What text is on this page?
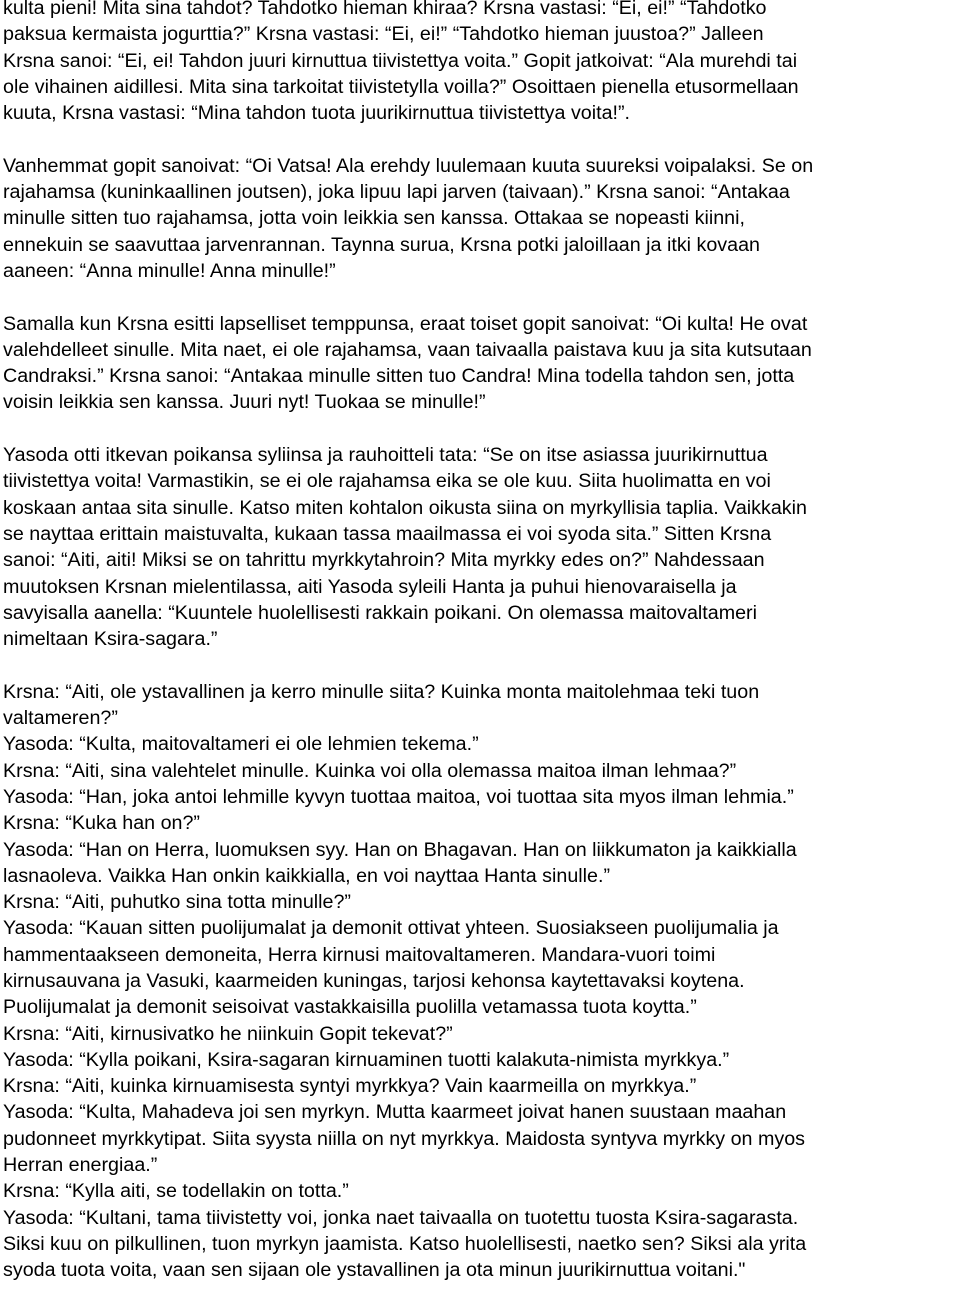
kulta pieni! Mita sina tahdot? Tahdotko hieman khiraa? Krsna vastasi: “Ei, ei!” “Tahdotko
paksua kermaista jogurttia?” Krsna vastasi: “Ei, ei!” “Tahdotko hieman juustoa?” Jalleen
Krsna sanoi: “Ei, ei! Tahdon juuri kirnuttua tiivistettya voita.” Gopit jatkoivat: “Ala murehdi tai
ole vihainen aidillesi. Mita sina tarkoitat tiivistetylla voilla?” Osoittaen pienella etusormellaan
kuuta, Krsna vastasi: “Mina tahdon tuota juurikirnuttua tiivistettya voita!”.

Vanhemmat gopit sanoivat: “Oi Vatsa! Ala erehdy luulemaan kuuta suureksi voipalaksi. Se on
rajahamsa (kuninkaallinen joutsen), joka lipuu lapi jarven (taivaan).” Krsna sanoi: “Antakaa
minulle sitten tuo rajahamsa, jotta voin leikkia sen kanssa. Ottakaa se nopeasti kiinni,
ennekuin se saavuttaa jarvenrannan. Taynna surua, Krsna potki jaloillaan ja itki kovaan
aaneen: “Anna minulle! Anna minulle!”

Samalla kun Krsna esitti lapselliset temppunsa, eraat toiset gopit sanoivat: “Oi kulta! He ovat
valehdelleet sinulle. Mita naet, ei ole rajahamsa, vaan taivaalla paistava kuu ja sita kutsutaan
Candraksi.” Krsna sanoi: “Antakaa minulle sitten tuo Candra! Mina todella tahdon sen, jotta
voisin leikkia sen kanssa. Juuri nyt! Tuokaa se minulle!”

Yasoda otti itkevan poikansa syliinsa ja rauhoitteli tata: “Se on itse asiassa juurikirnuttua
tiivistettya voita! Varmastikin, se ei ole rajahamsa eika se ole kuu. Siita huolimatta en voi
koskaan antaa sita sinulle. Katso miten kohtalon oikusta siina on myrkyllisia taplia. Vaikkakin
se nayttaa erittain maistuvalta, kukaan tassa maailmassa ei voi syoda sita.” Sitten Krsna
sanoi: “Aiti, aiti! Miksi se on tahrittu myrkkytahroin? Mita myrkky edes on?” Nahdessaan
muutoksen Krsnan mielentilassa, aiti Yasoda syleili Hanta ja puhui hienovaraisella ja
savyisalla aanella: “Kuuntele huolellisesti rakkain poikani. On olemassa maitovaltameri
nimeltaan Ksira-sagara.”

Krsna: “Aiti, ole ystavallinen ja kerro minulle siita? Kuinka monta maitolehmaa teki tuon
valtameren?”
Yasoda: “Kulta, maitovaltameri ei ole lehmien tekema.”
Krsna: “Aiti, sina valehtelet minulle. Kuinka voi olla olemassa maitoa ilman lehmaa?”
Yasoda: “Han, joka antoi lehmille kyvyn tuottaa maitoa, voi tuottaa sita myos ilman lehmia.”
Krsna: “Kuka han on?”
Yasoda: “Han on Herra, luomuksen syy. Han on Bhagavan. Han on liikkumaton ja kaikkialla
lasnaoleva. Vaikka Han onkin kaikkialla, en voi nayttaa Hanta sinulle.”
Krsna: “Aiti, puhutko sina totta minulle?”
Yasoda: “Kauan sitten puolijumalat ja demonit ottivat yhteen. Suosiakseen puolijumalia ja
hammentaakseen demoneita, Herra kirnusi maitovaltameren. Mandara-vuori toimi
kirnusauvana ja Vasuki, kaarmeiden kuningas, tarjosi kehonsa kaytettavaksi koytena.
Puolijumalat ja demonit seisoivat vastakkaisilla puolilla vetamassa tuota koytta.”
Krsna: “Aiti, kirnusivatko he niinkuin Gopit tekevat?”
Yasoda: “Kylla poikani, Ksira-sagaran kirnuaminen tuotti kalakuta-nimista myrkkya.”
Krsna: “Aiti, kuinka kirnuamisesta syntyi myrkkya? Vain kaarmeilla on myrkkya.”
Yasoda: “Kulta, Mahadeva joi sen myrkyn. Mutta kaarmeet joivat hanen suustaan maahan
pudonneet myrkkytipat. Siita syysta niilla on nyt myrkkya. Maidosta syntyva myrkky on myos
Herran energiaa.”
Krsna: “Kylla aiti, se todellakin on totta.”
Yasoda: “Kultani, tama tiivistetty voi, jonka naet taivaalla on tuotettu tuosta Ksira-sagarasta.
Siksi kuu on pilkullinen, tuon myrkyn jaamista. Katso huolellisesti, naetko sen? Siksi ala yrita
syoda tuota voita, vaan sen sijaan ole ystavallinen ja ota minun juurikirnuttua voitani."
